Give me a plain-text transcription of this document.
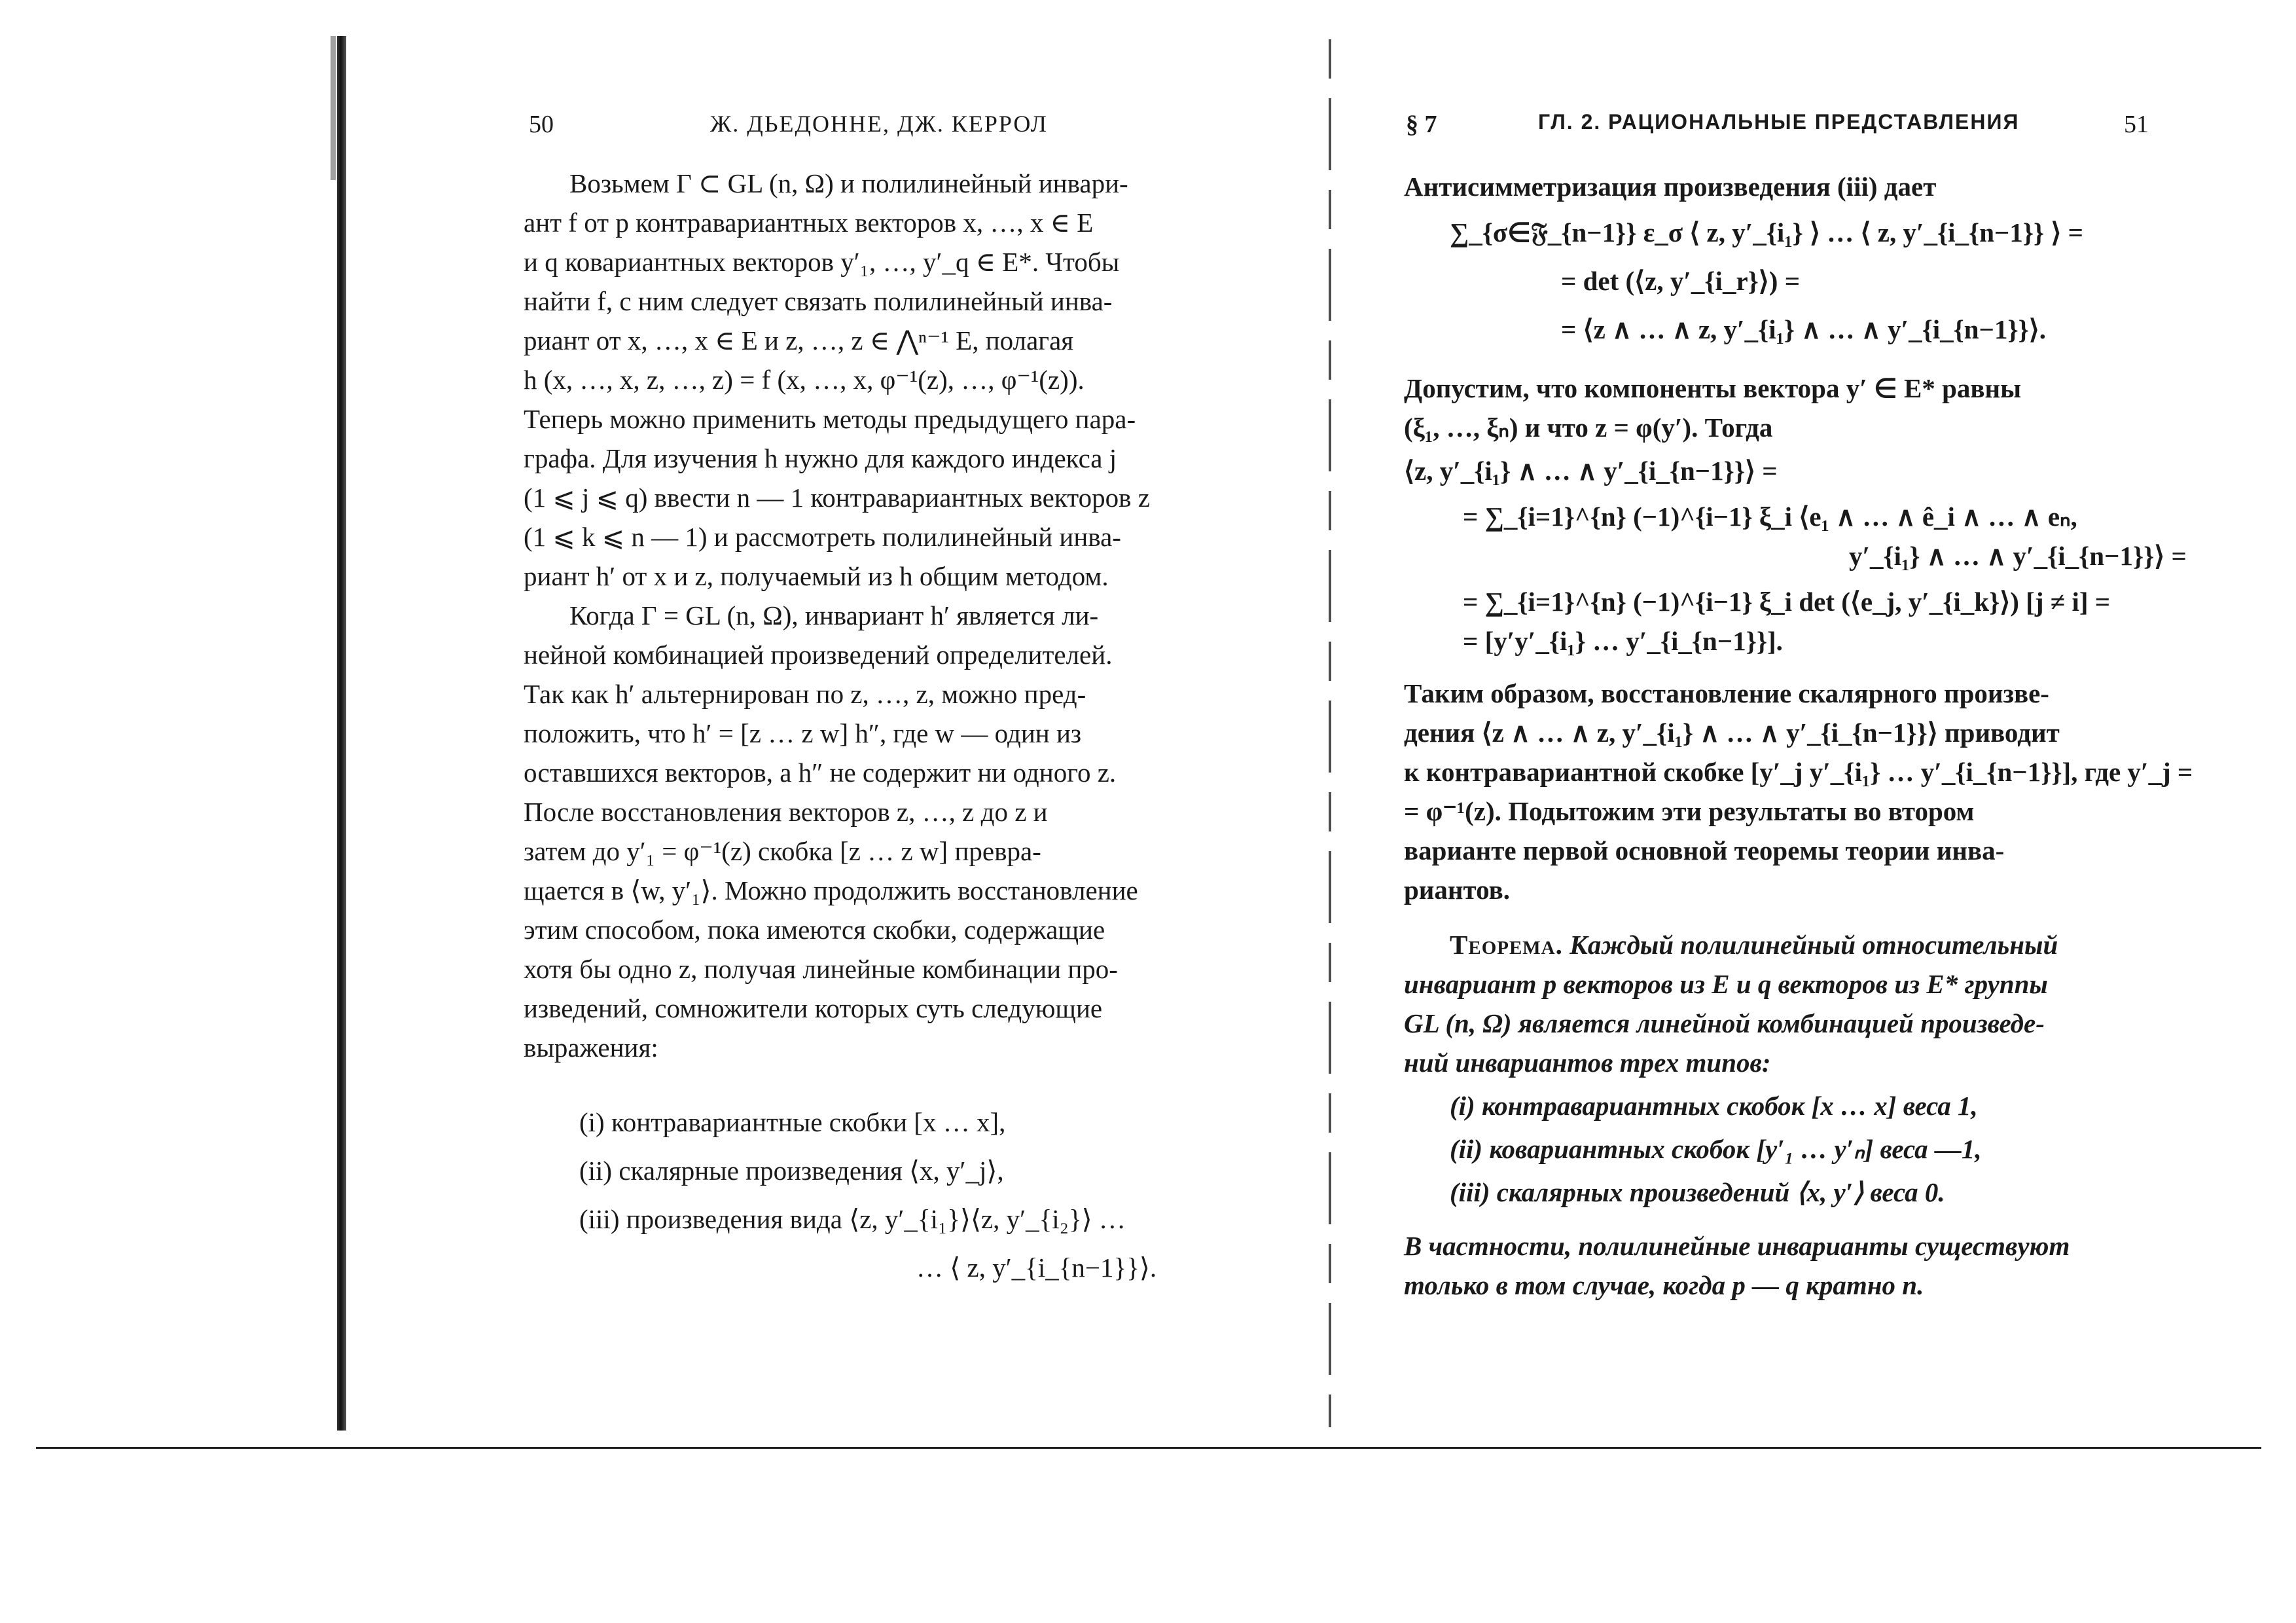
50	Ж. ДЬЕДОННЕ, ДЖ. КЕРРОЛ
Возьмем Γ ⊂ GL (n, Ω) и полилинейный инвари-
ант f от p контравариантных векторов x, …, x ∈ E
и q ковариантных векторов y′₁, …, y′_q ∈ E*. Чтобы
найти f, с ним следует связать полилинейный инва-
риант от x, …, x ∈ E и z, …, z ∈ ⋀ⁿ⁻¹ E, полагая
h (x, …, x, z, …, z) = f (x, …, x, φ⁻¹(z), …, φ⁻¹(z)).
Теперь можно применить методы предыдущего пара-
графа. Для изучения h нужно для каждого индекса j
(1 ⩽ j ⩽ q) ввести n — 1 контравариантных векторов z
(1 ⩽ k ⩽ n — 1) и рассмотреть полилинейный инва-
риант h′ от x и z, получаемый из h общим методом.
Когда Γ = GL (n, Ω), инвариант h′ является ли-
нейной комбинацией произведений определителей.
Так как h′ альтернирован по z, …, z, можно пред-
положить, что h′ = [z … z w] h″, где w — один из
оставшихся векторов, а h″ не содержит ни одного z.
После восстановления векторов z, …, z до z и
затем до y′₁ = φ⁻¹(z) скобка [z … z w] превра-
щается в ⟨w, y′₁⟩. Можно продолжить восстановление
этим способом, пока имеются скобки, содержащие
хотя бы одно z, получая линейные комбинации про-
изведений, сомножители которых суть следующие
выражения:
(i) контравариантные скобки [x … x],
(ii) скалярные произведения ⟨x, y′_j⟩,
(iii) произведения вида ⟨z, y′_{i₁}⟩⟨z, y′_{i₂}⟩ …
… ⟨ z, y′_{i_{n−1}}⟩.
§ 7	ГЛ. 2. РАЦИОНАЛЬНЫЕ ПРЕДСТАВЛЕНИЯ	51
Антисимметризация произведения (iii) дает
∑_{σ∈𝔉_{n−1}} ε_σ ⟨ z, y′_{i₁} ⟩ … ⟨ z, y′_{i_{n−1}} ⟩ =
= det (⟨z, y′_{i_r}⟩) =
= ⟨z ∧ … ∧ z, y′_{i₁} ∧ … ∧ y′_{i_{n−1}}⟩.
Допустим, что компоненты вектора y′ ∈ E* равны
(ξ₁, …, ξₙ) и что z = φ(y′). Тогда
⟨z, y′_{i₁} ∧ … ∧ y′_{i_{n−1}}⟩ =
= ∑_{i=1}^{n} (−1)^{i−1} ξ_i ⟨e₁ ∧ … ∧ ê_i ∧ … ∧ eₙ,
y′_{i₁} ∧ … ∧ y′_{i_{n−1}}⟩ =
= ∑_{i=1}^{n} (−1)^{i−1} ξ_i det (⟨e_j, y′_{i_k}⟩) [j ≠ i] =
= [y′y′_{i₁} … y′_{i_{n−1}}].
Таким образом, восстановление скалярного произве-
дения ⟨z ∧ … ∧ z, y′_{i₁} ∧ … ∧ y′_{i_{n−1}}⟩ приводит
к контравариантной скобке [y′_j y′_{i₁} … y′_{i_{n−1}}], где y′_j =
= φ⁻¹(z). Подытожим эти результаты во втором
варианте первой основной теоремы теории инва-
риантов.
Теорема. Каждый полилинейный относительный
инвариант p векторов из E и q векторов из E* группы
GL (n, Ω) является линейной комбинацией произведе-
ний инвариантов трех типов:
(i) контравариантных скобок [x … x] веса 1,
(ii) ковариантных скобок [y′₁ … y′ₙ] веса —1,
(iii) скалярных произведений ⟨x, y′⟩ веса 0.
В частности, полилинейные инварианты существуют
только в том случае, когда p — q кратно n.
